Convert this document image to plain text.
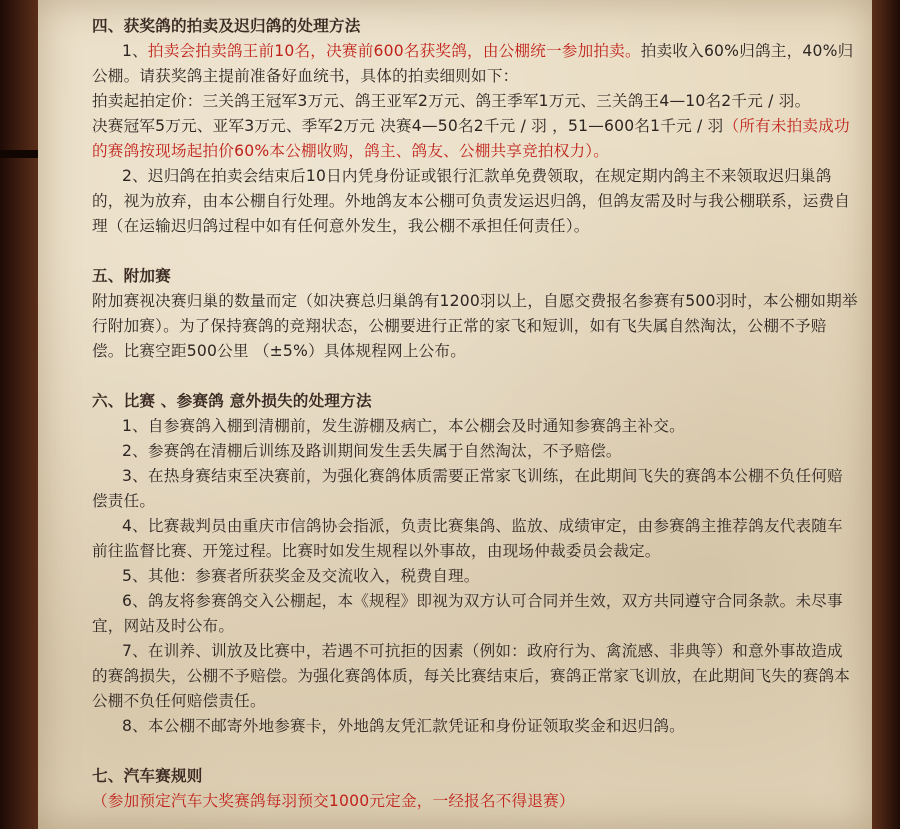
四、获奖鸽的拍卖及迟归鸽的处理方法

1、拍卖会拍卖鸽王前10名，决赛前600名获奖鸽，由公棚统一参加拍卖。拍卖收入60%归鸽主，40%归公棚。请获奖鸽主提前准备好血统书，具体的拍卖细则如下：

拍卖起拍定价：三关鸽王冠军3万元、鸽王亚军2万元、鸽王季军1万元、三关鸽王4—10名2千元 / 羽。

决赛冠军5万元、亚军3万元、季军2万元 决赛4—50名2千元 / 羽 ，51—600名1千元 / 羽（所有未拍卖成功的赛鸽按现场起拍价60%本公棚收购，鸽主、鸽友、公棚共享竞拍权力）。

2、迟归鸽在拍卖会结束后10日内凭身份证或银行汇款单免费领取，在规定期内鸽主不来领取迟归巢鸽的，视为放弃，由本公棚自行处理。外地鸽友本公棚可负责发运迟归鸽，但鸽友需及时与我公棚联系，运费自理（在运输迟归鸽过程中如有任何意外发生，我公棚不承担任何责任）。

五、附加赛

附加赛视决赛归巢的数量而定（如决赛总归巢鸽有1200羽以上，自愿交费报名参赛有500羽时，本公棚如期举行附加赛）。为了保持赛鸽的竞翔状态，公棚要进行正常的家飞和短训，如有飞失属自然淘汰，公棚不予赔偿。比赛空距500公里 （±5%）具体规程网上公布。

六、比赛 、参赛鸽 意外损失的处理方法

1、自参赛鸽入棚到清棚前，发生游棚及病亡，本公棚会及时通知参赛鸽主补交。

2、参赛鸽在清棚后训练及路训期间发生丢失属于自然淘汰，不予赔偿。

3、在热身赛结束至决赛前，为强化赛鸽体质需要正常家飞训练，在此期间飞失的赛鸽本公棚不负任何赔偿责任。

4、比赛裁判员由重庆市信鸽协会指派，负责比赛集鸽、监放、成绩审定，由参赛鸽主推荐鸽友代表随车前往监督比赛、开笼过程。比赛时如发生规程以外事故，由现场仲裁委员会裁定。

5、其他：参赛者所获奖金及交流收入，税费自理。

6、鸽友将参赛鸽交入公棚起，本《规程》即视为双方认可合同并生效，双方共同遵守合同条款。未尽事宜，网站及时公布。

7、在训养、训放及比赛中，若遇不可抗拒的因素（例如：政府行为、禽流感、非典等）和意外事故造成的赛鸽损失，公棚不予赔偿。为强化赛鸽体质，每关比赛结束后，赛鸽正常家飞训放，在此期间飞失的赛鸽本公棚不负任何赔偿责任。

8、本公棚不邮寄外地参赛卡，外地鸽友凭汇款凭证和身份证领取奖金和迟归鸽。

七、汽车赛规则

（参加预定汽车大奖赛鸽每羽预交1000元定金，一经报名不得退赛）
